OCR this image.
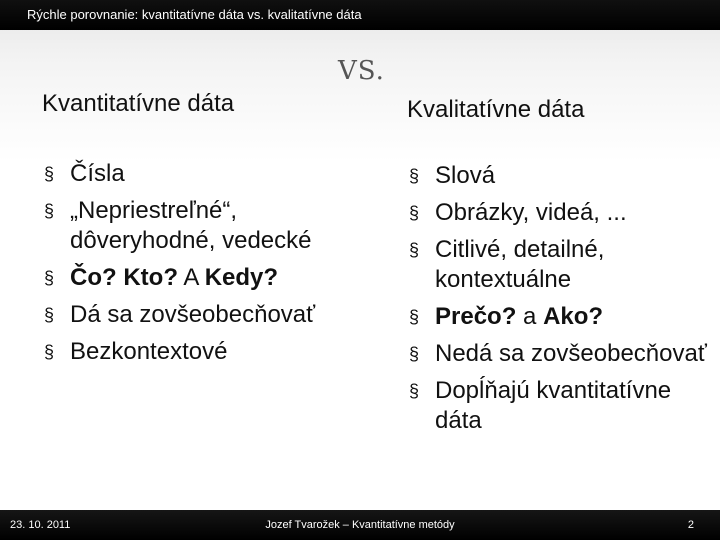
Rýchle porovnanie: kvantitatívne dáta vs. kvalitatívne dáta
VS.
Kvantitatívne dáta	Kvalitatívne dáta
§ Čísla
§ „Nepriestreľné“, dôveryhodné, vedecké
§ Čo? Kto? A Kedy?
§ Dá sa zovšeobecňovať
§ Bezkontextové
§ Slová
§ Obrázky, videá, ...
§ Citlivé, detailné, kontextuálne
§ Prečo? a Ako?
§ Nedá sa zovšeobecňovať
§ Dopĺňajú kvantitatívne dáta
23. 10. 2011	Jozef Tvarožek – Kvantitatívne metódy	2
